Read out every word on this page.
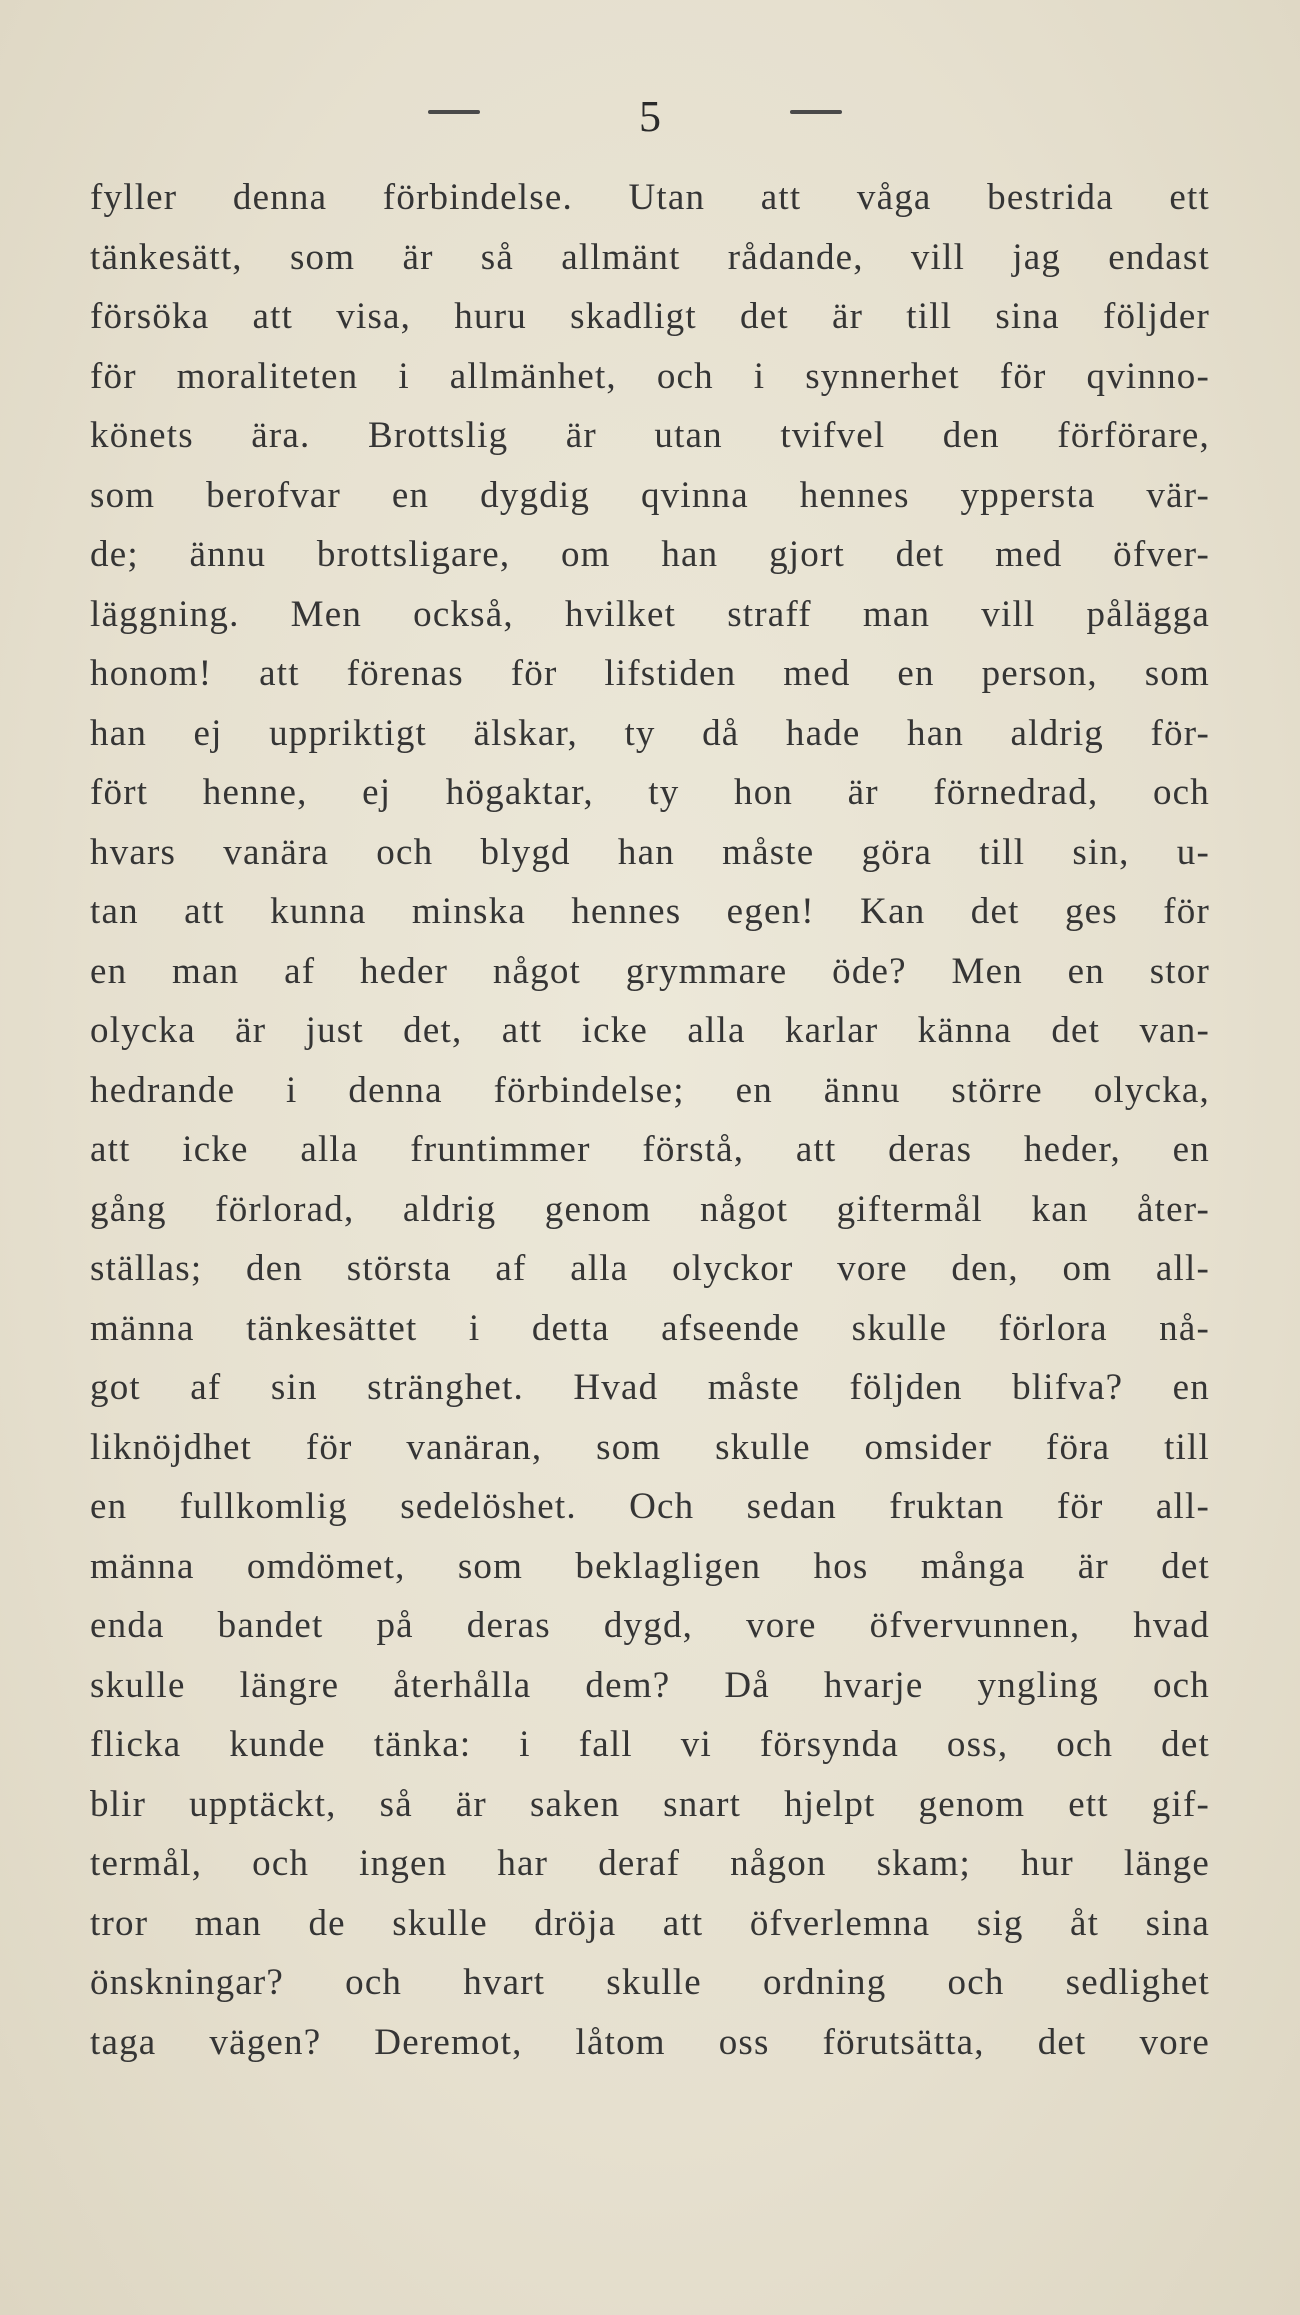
5
fyller denna förbindelse. Utan att våga bestrida ett
tänkesätt, som är så allmänt rådande, vill jag endast
försöka att visa, huru skadligt det är till sina följder
för moraliteten i allmänhet, och i synnerhet för qvinno-
könets ära. Brottslig är utan tvifvel den förförare,
som berofvar en dygdig qvinna hennes yppersta vär-
de; ännu brottsligare, om han gjort det med öfver-
läggning. Men också, hvilket straff man vill pålägga
honom! att förenas för lifstiden med en person, som
han ej uppriktigt älskar, ty då hade han aldrig för-
fört henne, ej högaktar, ty hon är förnedrad, och
hvars vanära och blygd han måste göra till sin, u-
tan att kunna minska hennes egen! Kan det ges för
en man af heder något grymmare öde? Men en stor
olycka är just det, att icke alla karlar känna det van-
hedrande i denna förbindelse; en ännu större olycka,
att icke alla fruntimmer förstå, att deras heder, en
gång förlorad, aldrig genom något giftermål kan åter-
ställas; den största af alla olyckor vore den, om all-
männa tänkesättet i detta afseende skulle förlora nå-
got af sin stränghet. Hvad måste följden blifva? en
liknöjdhet för vanäran, som skulle omsider föra till
en fullkomlig sedelöshet. Och sedan fruktan för all-
männa omdömet, som beklagligen hos många är det
enda bandet på deras dygd, vore öfvervunnen, hvad
skulle längre återhålla dem? Då hvarje yngling och
flicka kunde tänka: i fall vi försynda oss, och det
blir upptäckt, så är saken snart hjelpt genom ett gif-
termål, och ingen har deraf någon skam; hur länge
tror man de skulle dröja att öfverlemna sig åt sina
önskningar? och hvart skulle ordning och sedlighet
taga vägen? Deremot, låtom oss förutsätta, det vore
